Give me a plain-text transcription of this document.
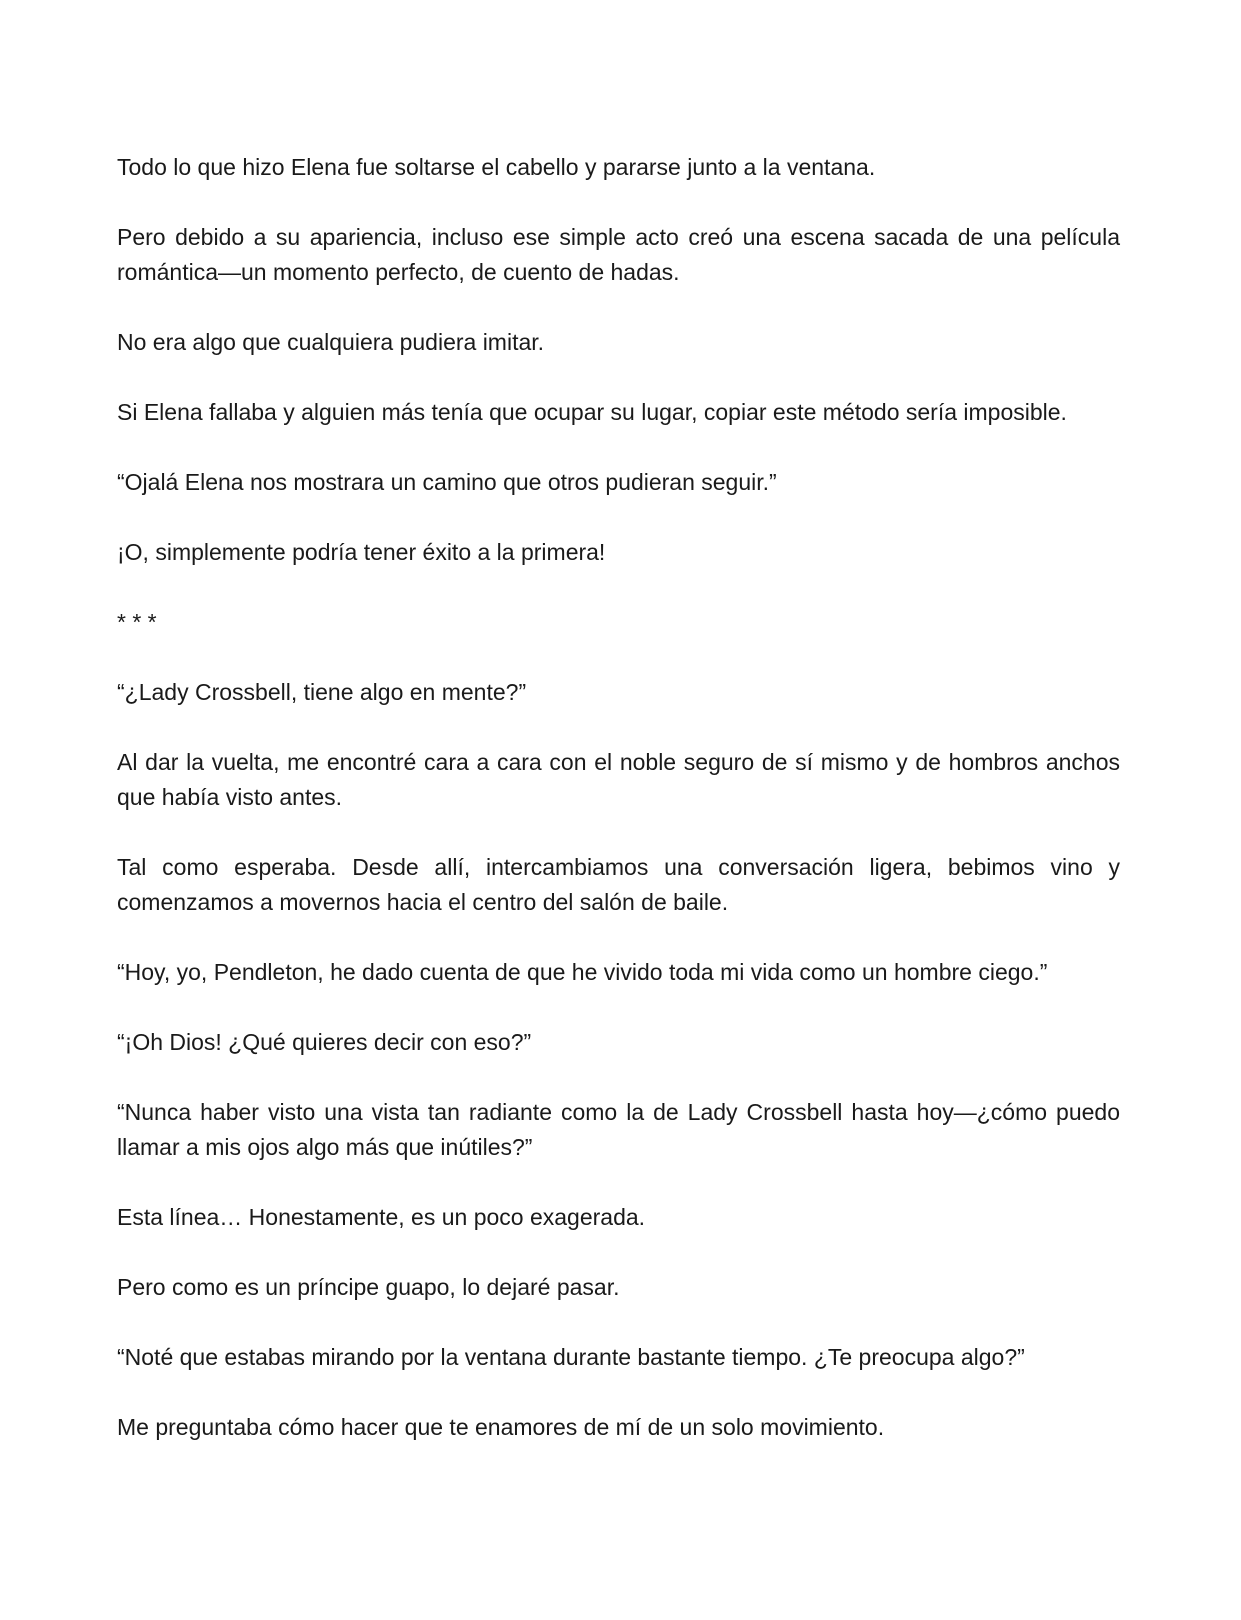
Todo lo que hizo Elena fue soltarse el cabello y pararse junto a la ventana.

Pero debido a su apariencia, incluso ese simple acto creó una escena sacada de una película romántica—un momento perfecto, de cuento de hadas.

No era algo que cualquiera pudiera imitar.

Si Elena fallaba y alguien más tenía que ocupar su lugar, copiar este método sería imposible.

“Ojalá Elena nos mostrara un camino que otros pudieran seguir.”

¡O, simplemente podría tener éxito a la primera!

* * *

“¿Lady Crossbell, tiene algo en mente?”

Al dar la vuelta, me encontré cara a cara con el noble seguro de sí mismo y de hombros anchos que había visto antes.

Tal como esperaba. Desde allí, intercambiamos una conversación ligera, bebimos vino y comenzamos a movernos hacia el centro del salón de baile.

“Hoy, yo, Pendleton, he dado cuenta de que he vivido toda mi vida como un hombre ciego.”

“¡Oh Dios! ¿Qué quieres decir con eso?”

“Nunca haber visto una vista tan radiante como la de Lady Crossbell hasta hoy—¿cómo puedo llamar a mis ojos algo más que inútiles?”

Esta línea… Honestamente, es un poco exagerada.

Pero como es un príncipe guapo, lo dejaré pasar.

“Noté que estabas mirando por la ventana durante bastante tiempo. ¿Te preocupa algo?”

Me preguntaba cómo hacer que te enamores de mí de un solo movimiento.
